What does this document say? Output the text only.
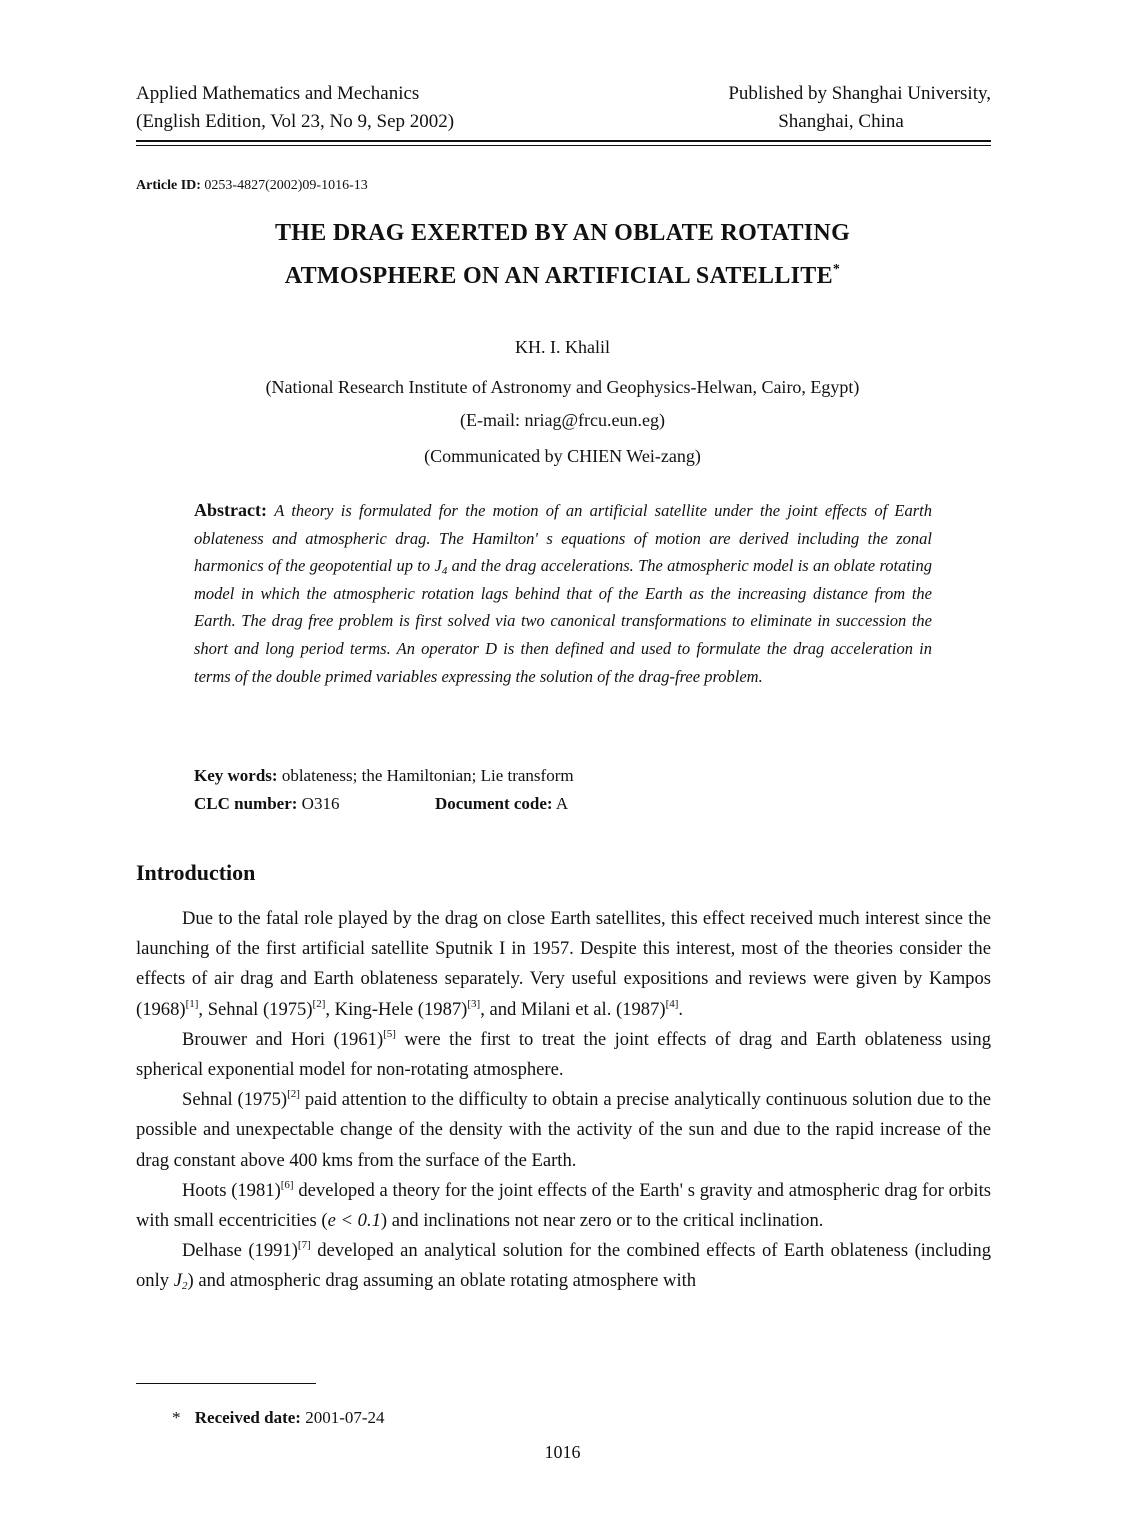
Applied Mathematics and Mechanics
(English Edition, Vol 23, No 9, Sep 2002)
Published by Shanghai University,
Shanghai, China
Article ID: 0253-4827(2002)09-1016-13
THE DRAG EXERTED BY AN OBLATE ROTATING
ATMOSPHERE ON AN ARTIFICIAL SATELLITE*
KH. I. Khalil
(National Research Institute of Astronomy and Geophysics-Helwan, Cairo, Egypt)
(E-mail: nriag@frcu.eun.eg)
(Communicated by CHIEN Wei-zang)
Abstract: A theory is formulated for the motion of an artificial satellite under the joint effects of Earth oblateness and atmospheric drag. The Hamilton' s equations of motion are derived including the zonal harmonics of the geopotential up to $J_4$ and the drag accelerations. The atmospheric model is an oblate rotating model in which the atmospheric rotation lags behind that of the Earth as the increasing distance from the Earth. The drag free problem is first solved via two canonical transformations to eliminate in succession the short and long period terms. An operator D is then defined and used to formulate the drag acceleration in terms of the double primed variables expressing the solution of the drag-free problem.
Key words: oblateness; the Hamiltonian; Lie transform
CLC number: O316	Document code: A
Introduction

Due to the fatal role played by the drag on close Earth satellites, this effect received much interest since the launching of the first artificial satellite Sputnik I in 1957. Despite this interest, most of the theories consider the effects of air drag and Earth oblateness separately. Very useful expositions and reviews were given by Kampos (1968)[1], Sehnal (1975)[2], King-Hele (1987)[3], and Milani et al. (1987)[4].

Brouwer and Hori (1961)[5] were the first to treat the joint effects of drag and Earth oblateness using spherical exponential model for non-rotating atmosphere.

Sehnal (1975)[2] paid attention to the difficulty to obtain a precise analytically continuous solution due to the possible and unexpectable change of the density with the activity of the sun and due to the rapid increase of the drag constant above 400 kms from the surface of the Earth.

Hoots (1981)[6] developed a theory for the joint effects of the Earth' s gravity and atmospheric drag for orbits with small eccentricities (e < 0.1) and inclinations not near zero or to the critical inclination.

Delhase (1991)[7] developed an analytical solution for the combined effects of Earth oblateness (including only $J_2$) and atmospheric drag assuming an oblate rotating atmosphere with

* Received date: 2001-07-24
1016
